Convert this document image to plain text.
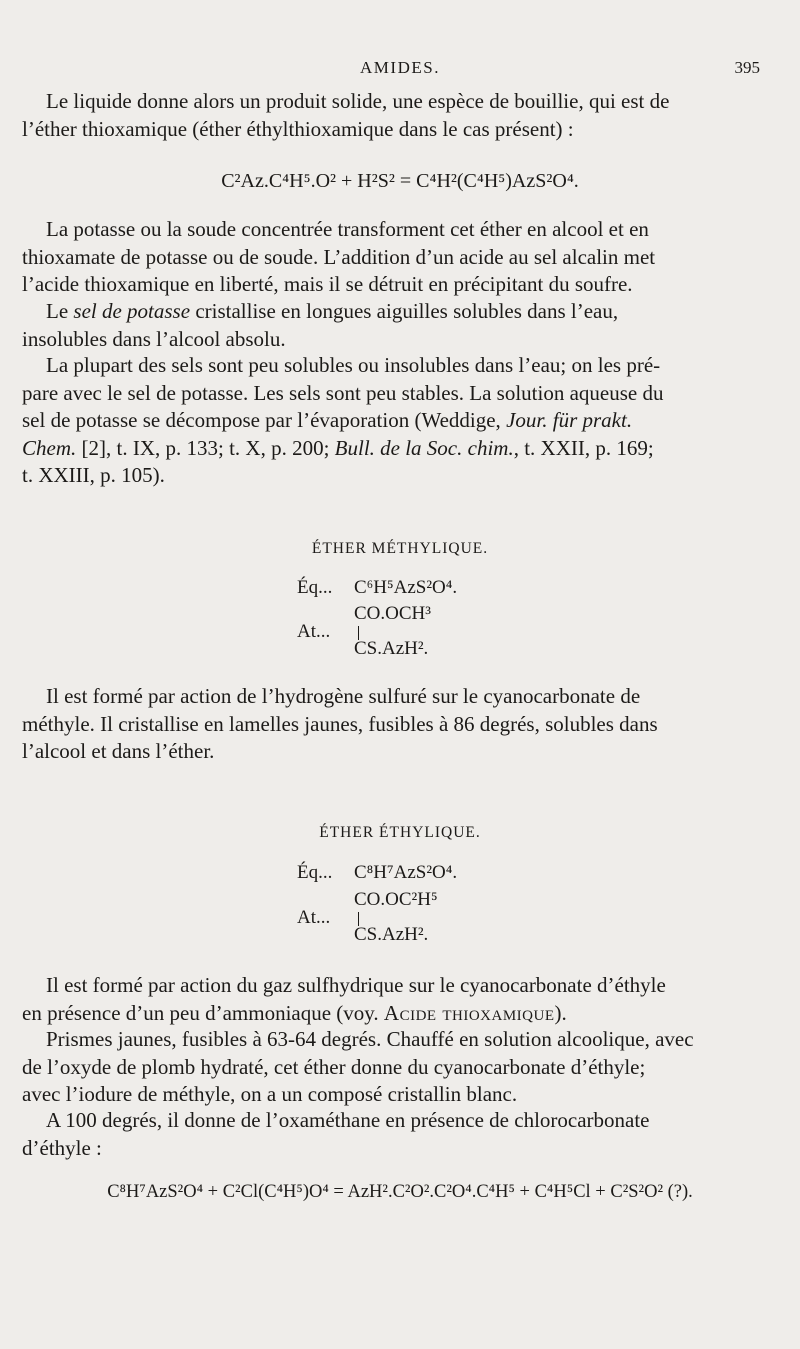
AMIDES.	395

Le liquide donne alors un produit solide, une espèce de bouillie, qui est de

l’éther thioxamique (éther éthylthioxamique dans le cas présent) :

C²Az.C⁴H⁵.O² + H²S² = C⁴H²(C⁴H⁵)AzS²O⁴.

La potasse ou la soude concentrée transforment cet éther en alcool et en

thioxamate de potasse ou de soude. L’addition d’un acide au sel alcalin met

l’acide thioxamique en liberté, mais il se détruit en précipitant du soufre.

Le sel de potasse cristallise en longues aiguilles solubles dans l’eau,

insolubles dans l’alcool absolu.

La plupart des sels sont peu solubles ou insolubles dans l’eau; on les pré-

pare avec le sel de potasse. Les sels sont peu stables. La solution aqueuse du

sel de potasse se décompose par l’évaporation (Weddige, Jour. für prakt.

Chem. [2], t. IX, p. 133; t. X, p. 200; Bull. de la Soc. chim., t. XXII, p. 169;

t. XXIII, p. 105).

ÉTHER MÉTHYLIQUE.
Éq... C⁶H⁵AzS²O⁴.
CO.OCH³
At...
CS.AzH².

Il est formé par action de l’hydrogène sulfuré sur le cyanocarbonate de

méthyle. Il cristallise en lamelles jaunes, fusibles à 86 degrés, solubles dans

l’alcool et dans l’éther.

ÉTHER ÉTHYLIQUE.
Éq... C⁸H⁷AzS²O⁴.
CO.OC²H⁵
At...
CS.AzH².

Il est formé par action du gaz sulfhydrique sur le cyanocarbonate d’éthyle

en présence d’un peu d’ammoniaque (voy. Acide thioxamique).

Prismes jaunes, fusibles à 63-64 degrés. Chauffé en solution alcoolique, avec

de l’oxyde de plomb hydraté, cet éther donne du cyanocarbonate d’éthyle;

avec l’iodure de méthyle, on a un composé cristallin blanc.

A 100 degrés, il donne de l’oxaméthane en présence de chlorocarbonate

d’éthyle :

C⁸H⁷AzS²O⁴ + C²Cl(C⁴H⁵)O⁴ = AzH².C²O².C²O⁴.C⁴H⁵ + C⁴H⁵Cl + C²S²O² (?).
